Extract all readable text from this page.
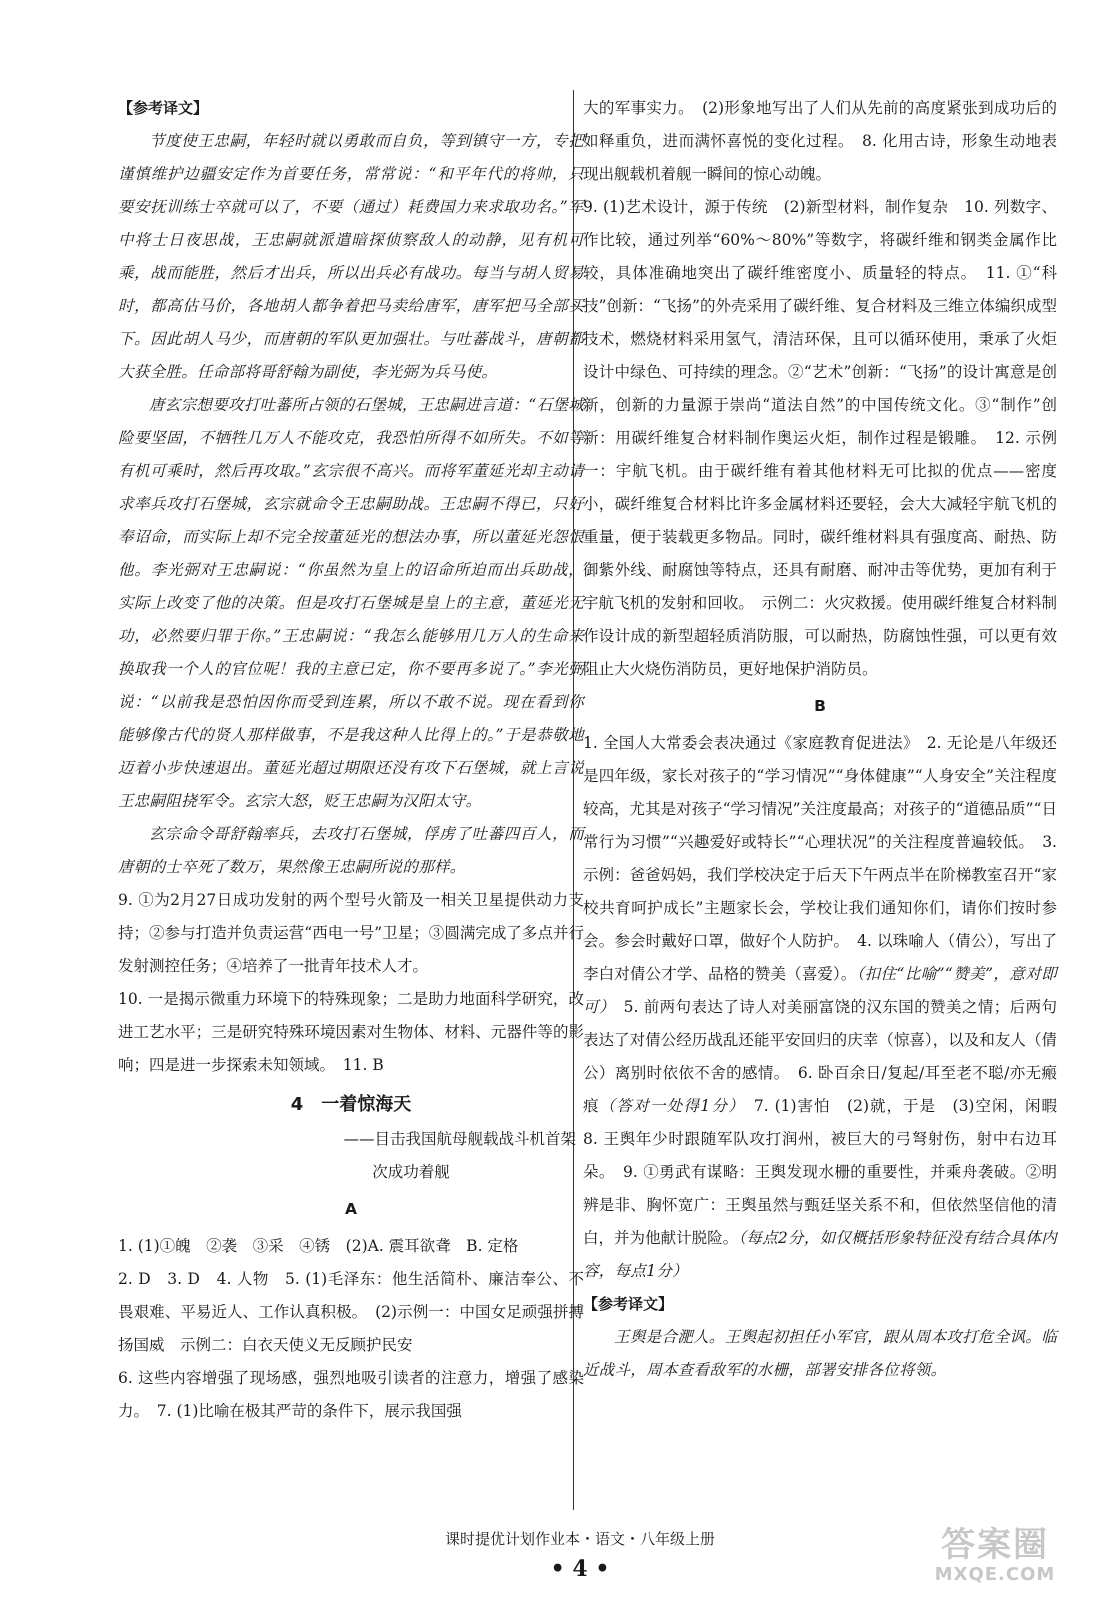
【参考译文】

节度使王忠嗣，年轻时就以勇敢而自负，等到镇守一方，专把谨慎维护边疆安定作为首要任务，常常说：“和平年代的将帅，只要安抚训练士卒就可以了，不要（通过）耗费国力来求取功名。”军中将士日夜思战，王忠嗣就派遣暗探侦察敌人的动静，见有机可乘，战而能胜，然后才出兵，所以出兵必有战功。每当与胡人贸易时，都高估马价，各地胡人都争着把马卖给唐军，唐军把马全部买下。因此胡人马少，而唐朝的军队更加强壮。与吐蕃战斗，唐朝都大获全胜。任命部将哥舒翰为副使，李光弼为兵马使。

唐玄宗想要攻打吐蕃所占领的石堡城，王忠嗣进言道：“石堡城险要坚固，不牺牲几万人不能攻克，我恐怕所得不如所失。不如等有机可乘时，然后再攻取。”玄宗很不高兴。而将军董延光却主动请求率兵攻打石堡城，玄宗就命令王忠嗣助战。王忠嗣不得已，只好奉诏命，而实际上却不完全按董延光的想法办事，所以董延光怨恨他。李光弼对王忠嗣说：“你虽然为皇上的诏命所迫而出兵助战，实际上改变了他的决策。但是攻打石堡城是皇上的主意，董延光无功，必然要归罪于你。”王忠嗣说：“我怎么能够用几万人的生命来换取我一个人的官位呢！我的主意已定，你不要再多说了。”李光弼说：“以前我是恐怕因你而受到连累，所以不敢不说。现在看到你能够像古代的贤人那样做事，不是我这种人比得上的。”于是恭敬地迈着小步快速退出。董延光超过期限还没有攻下石堡城，就上言说王忠嗣阻挠军令。玄宗大怒，贬王忠嗣为汉阳太守。

玄宗命令哥舒翰率兵，去攻打石堡城，俘虏了吐蕃四百人，而唐朝的士卒死了数万，果然像王忠嗣所说的那样。

9. ①为2月27日成功发射的两个型号火箭及一相关卫星提供动力支持；②参与打造并负责运营“西电一号”卫星；③圆满完成了多点并行发射测控任务；④培养了一批青年技术人才。

10. 一是揭示微重力环境下的特殊现象；二是助力地面科学研究，改进工艺水平；三是研究特殊环境因素对生物体、材料、元器件等的影响；四是进一步探索未知领域。　11. B

4　一着惊海天

——目击我国航母舰载战斗机首架

次成功着舰

A

1. (1)①魄　②袭　③采　④锈　(2)A. 震耳欲聋　B. 定格

2. D　3. D　4. 人物　5. (1)毛泽东：他生活简朴、廉洁奉公、不畏艰难、平易近人、工作认真积极。　(2)示例一：中国女足顽强拼搏扬国威　示例二：白衣天使义无反顾护民安

6. 这些内容增强了现场感，强烈地吸引读者的注意力，增强了感染力。　7. (1)比喻在极其严苛的条件下，展示我国强

大的军事实力。　(2)形象地写出了人们从先前的高度紧张到成功后的如释重负，进而满怀喜悦的变化过程。　8. 化用古诗，形象生动地表现出舰载机着舰一瞬间的惊心动魄。

9. (1)艺术设计，源于传统　(2)新型材料，制作复杂　10. 列数字、作比较，通过列举“60%～80%”等数字，将碳纤维和钢类金属作比较，具体准确地突出了碳纤维密度小、质量轻的特点。　11. ①“科技”创新：“飞扬”的外壳采用了碳纤维、复合材料及三维立体编织成型技术，燃烧材料采用氢气，清洁环保，且可以循环使用，秉承了火炬设计中绿色、可持续的理念。②“艺术”创新：“飞扬”的设计寓意是创新，创新的力量源于崇尚“道法自然”的中国传统文化。③“制作”创新：用碳纤维复合材料制作奥运火炬，制作过程是锻雕。　12. 示例一：宇航飞机。由于碳纤维有着其他材料无可比拟的优点——密度小，碳纤维复合材料比许多金属材料还要轻，会大大减轻宇航飞机的重量，便于装载更多物品。同时，碳纤维材料具有强度高、耐热、防御紫外线、耐腐蚀等特点，还具有耐磨、耐冲击等优势，更加有利于宇航飞机的发射和回收。　示例二：火灾救援。使用碳纤维复合材料制作设计成的新型超轻质消防服，可以耐热，防腐蚀性强，可以更有效阻止大火烧伤消防员，更好地保护消防员。

B

1. 全国人大常委会表决通过《家庭教育促进法》　2. 无论是八年级还是四年级，家长对孩子的“学习情况”“身体健康”“人身安全”关注程度较高，尤其是对孩子“学习情况”关注度最高；对孩子的“道德品质”“日常行为习惯”“兴趣爱好或特长”“心理状况”的关注程度普遍较低。　3. 示例：爸爸妈妈，我们学校决定于后天下午两点半在阶梯教室召开“家校共育呵护成长”主题家长会，学校让我们通知你们，请你们按时参会。参会时戴好口罩，做好个人防护。　4. 以珠喻人（倩公），写出了李白对倩公才学、品格的赞美（喜爱）。（扣住“比喻”“赞美”，意对即可）　5. 前两句表达了诗人对美丽富饶的汉东国的赞美之情；后两句表达了对倩公经历战乱还能平安回归的庆幸（惊喜），以及和友人（倩公）离别时依依不舍的感情。　6. 卧百余日/复起/耳至老不聪/亦无瘢痕（答对一处得1分）　7. (1)害怕　(2)就，于是　(3)空闲，闲暇　8. 王舆年少时跟随军队攻打润州，被巨大的弓弩射伤，射中右边耳朵。　9. ①勇武有谋略：王舆发现水栅的重要性，并乘舟袭破。②明辨是非、胸怀宽广：王舆虽然与甄廷坚关系不和，但依然坚信他的清白，并为他献计脱险。（每点2分，如仅概括形象特征没有结合具体内容，每点1分）

【参考译文】

王舆是合淝人。王舆起初担任小军官，跟从周本攻打危全讽。临近战斗，周本查看敌军的水栅，部署安排各位将领。

课时提优计划作业本・语文・八年级上册
• 4 •
答案圈
MXQE.COM
